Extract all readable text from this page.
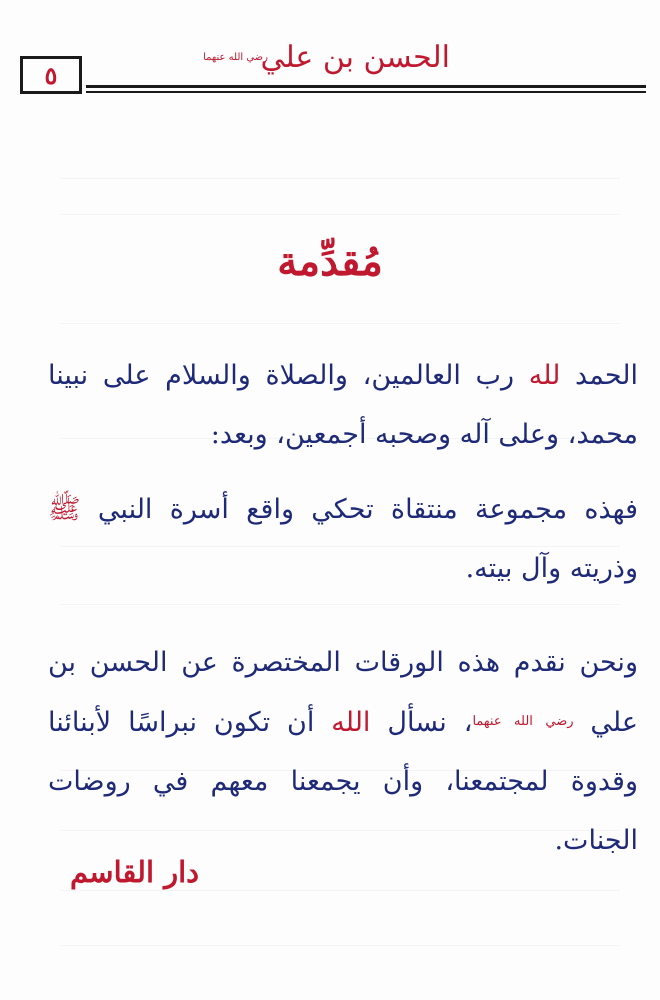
الحسن بن علي
رضي الله عنهما
٥
مُقدِّمة
الحمد لله رب العالمين، والصلاة والسلام على نبينا محمد، وعلى آله وصحبه أجمعين، وبعد:
فهذه مجموعة منتقاة تحكي واقع أسرة النبي ﷺ وذريته وآل بيته.
ونحن نقدم هذه الورقات المختصرة عن الحسن بن علي $^{رضي الله عنهما}$، نسأل الله أن تكون نبراسًا لأبنائنا وقدوة لمجتمعنا، وأن يجمعنا معهم في روضات الجنات.
دار القاسم
